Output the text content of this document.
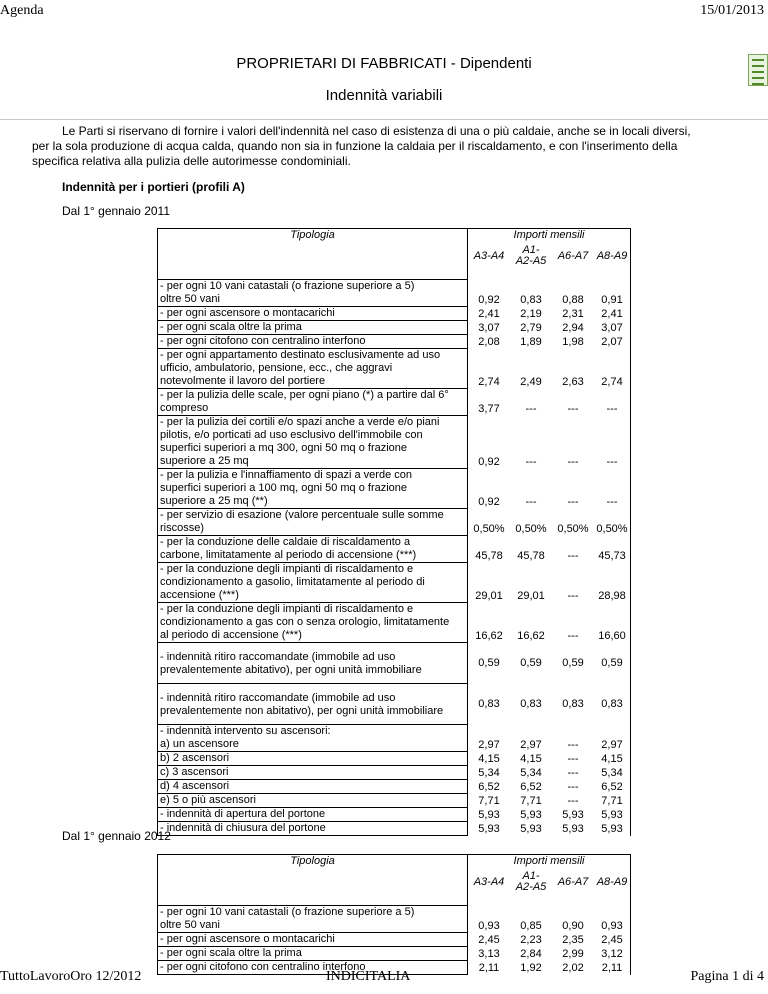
Agenda	15/01/2013
PROPRIETARI DI FABBRICATI - Dipendenti
Indennità variabili
Le Parti si riservano di fornire i valori dell'indennità nel caso di esistenza di una o più caldaie, anche se in locali diversi,
per la sola produzione di acqua calda, quando non sia in funzione la caldaia per il riscaldamento, e con l'inserimento della
specifica relativa alla pulizia delle autorimesse condominiali.
Indennità per i portieri (profili A)
Dal 1° gennaio 2011
Tipologia	Importi mensili			
	A3-A4	A1-A2-A5	A6-A7	A8-A9

- per ogni 10 vani catastali (o frazione superiore a 5)
oltre 50 vani	0,92	0,83	0,88	0,91

- per ogni ascensore o montacarichi	2,41	2,19	2,31	2,41

- per ogni scala oltre la prima	3,07	2,79	2,94	3,07

- per ogni citofono con centralino interfono	2,08	1,89	1,98	2,07

- per ogni appartamento destinato esclusivamente ad uso
ufficio, ambulatorio, pensione, ecc., che aggravi
notevolmente il lavoro del portiere	2,74	2,49	2,63	2,74

- per la pulizia delle scale, per ogni piano (*) a partire dal 6°
compreso	3,77	---	---	---

- per la pulizia dei cortili e/o spazi anche a verde e/o piani
pilotis, e/o porticati ad uso esclusivo dell'immobile con
superfici superiori a mq 300, ogni 50 mq o frazione
superiore a 25 mq	0,92	---	---	---

- per la pulizia e l'innaffiamento di spazi a verde con
superfici superiori a 100 mq, ogni 50 mq o frazione
superiore a 25 mq (**)	0,92	---	---	---

- per servizio di esazione (valore percentuale sulle somme
riscosse)	0,50%	0,50%	0,50%	0,50%

- per la conduzione delle caldaie di riscaldamento a
carbone, limitatamente al periodo di accensione (***)	45,78	45,78	---	45,73

- per la conduzione degli impianti di riscaldamento e
condizionamento a gasolio, limitatamente al periodo di
accensione (***)	29,01	29,01	---	28,98

- per la conduzione degli impianti di riscaldamento e
condizionamento a gas con o senza orologio, limitatamente
al periodo di accensione (***)	16,62	16,62	---	16,60

- indennità ritiro raccomandate (immobile ad uso
prevalentemente abitativo), per ogni unità immobiliare	0,59	0,59	0,59	0,59

- indennità ritiro raccomandate (immobile ad uso
prevalentemente non abitativo), per ogni unità immobiliare	0,83	0,83	0,83	0,83

- indennità intervento su ascensori:
a) un ascensore	2,97	2,97	---	2,97

b) 2 ascensori	4,15	4,15	---	4,15

c) 3 ascensori	5,34	5,34	---	5,34

d) 4 ascensori	6,52	6,52	---	6,52

e) 5 o più ascensori	7,71	7,71	---	7,71

- indennità di apertura del portone	5,93	5,93	5,93	5,93

- indennità di chiusura del portone	5,93	5,93	5,93	5,93
Dal 1° gennaio 2012
Tipologia	Importi mensili			
	A3-A4	A1-A2-A5	A6-A7	A8-A9

- per ogni 10 vani catastali (o frazione superiore a 5)
oltre 50 vani	0,93	0,85	0,90	0,93

- per ogni ascensore o montacarichi	2,45	2,23	2,35	2,45

- per ogni scala oltre la prima	3,13	2,84	2,99	3,12

- per ogni citofono con centralino interfono	2,11	1,92	2,02	2,11
TuttoLavoroOro 12/2012	INDICITALIA	Pagina 1 di 4
